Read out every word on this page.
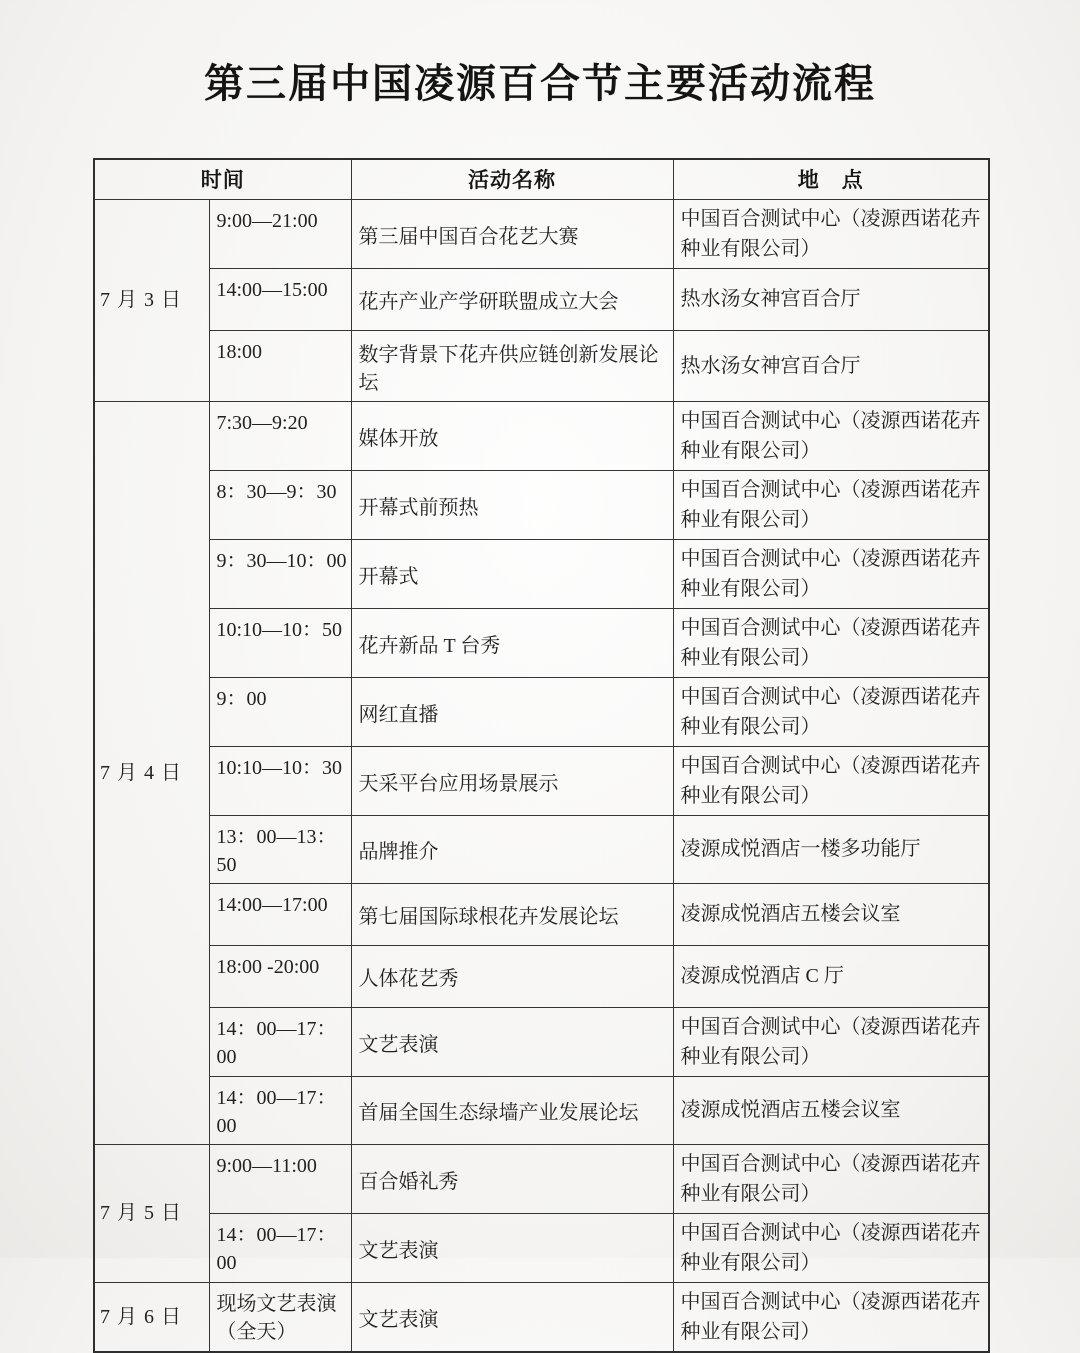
第三届中国凌源百合节主要活动流程
时间		活动名称	地　点
7 月 3 日	9:00—21:00	第三届中国百合花艺大赛	中国百合测试中心（凌源西诺花卉种业有限公司）
	14:00—15:00	花卉产业产学研联盟成立大会	热水汤女神宫百合厅
	18:00	数字背景下花卉供应链创新发展论坛	热水汤女神宫百合厅
7 月 4 日	7:30—9:20	媒体开放	中国百合测试中心（凌源西诺花卉种业有限公司）
	8：30—9：30	开幕式前预热	中国百合测试中心（凌源西诺花卉种业有限公司）
	9：30—10：00	开幕式	中国百合测试中心（凌源西诺花卉种业有限公司）
	10:10—10：50	花卉新品 T 台秀	中国百合测试中心（凌源西诺花卉种业有限公司）
	9：00	网红直播	中国百合测试中心（凌源西诺花卉种业有限公司）
	10:10—10：30	天采平台应用场景展示	中国百合测试中心（凌源西诺花卉种业有限公司）
	13：00—13：50	品牌推介	凌源成悦酒店一楼多功能厅
	14:00—17:00	第七届国际球根花卉发展论坛	凌源成悦酒店五楼会议室
	18:00 -20:00	人体花艺秀	凌源成悦酒店 C 厅
	14：00—17：00	文艺表演	中国百合测试中心（凌源西诺花卉种业有限公司）
	14：00—17：00	首届全国生态绿墙产业发展论坛	凌源成悦酒店五楼会议室
7 月 5 日	9:00—11:00	百合婚礼秀	中国百合测试中心（凌源西诺花卉种业有限公司）
	14：00—17：00	文艺表演	中国百合测试中心（凌源西诺花卉种业有限公司）
7 月 6 日	现场文艺表演 （全天）	文艺表演	中国百合测试中心（凌源西诺花卉种业有限公司）
